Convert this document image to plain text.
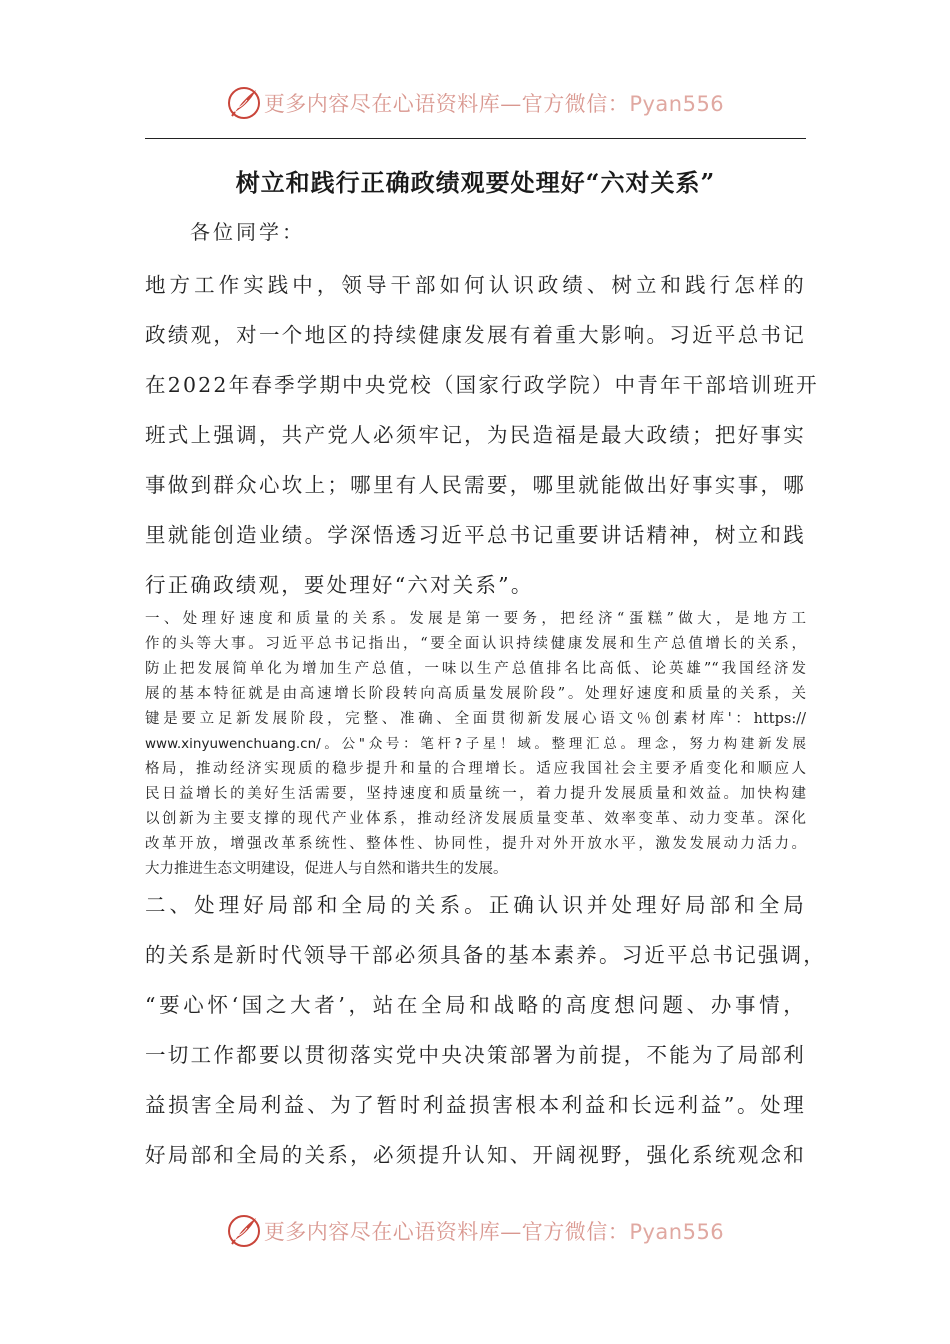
更多内容尽在心语资料库—官方微信：Pyan556
树立和践行正确政绩观要处理好“六对关系”
各位同学：
地方工作实践中，领导干部如何认识政绩、树立和践行怎样的
政绩观，对一个地区的持续健康发展有着重大影响。习近平总书记
在2022年春季学期中央党校（国家行政学院）中青年干部培训班开
班式上强调，共产党人必须牢记，为民造福是最大政绩；把好事实
事做到群众心坎上；哪里有人民需要，哪里就能做出好事实事，哪
里就能创造业绩。学深悟透习近平总书记重要讲话精神，树立和践
行正确政绩观，要处理好“六对关系”。
一、处理好速度和质量的关系。发展是第一要务，把经济“蛋糕”做大，是地方工
作的头等大事。习近平总书记指出，“要全面认识持续健康发展和生产总值增长的关系，
防止把发展简单化为增加生产总值，一味以生产总值排名比高低、论英雄”“我国经济发
展的基本特征就是由高速增长阶段转向高质量发展阶段”。处理好速度和质量的关系，关
键是要立足新发展阶段，完整、准确、全面贯彻新发展心语文％创素材库'：https://
www.xinyuwenchuang.cn/。公"众号：笔杆?子星！域。整理汇总。理念，努力构建新发展
格局，推动经济实现质的稳步提升和量的合理增长。适应我国社会主要矛盾变化和顺应人
民日益增长的美好生活需要，坚持速度和质量统一，着力提升发展质量和效益。加快构建
以创新为主要支撑的现代产业体系，推动经济发展质量变革、效率变革、动力变革。深化
改革开放，增强改革系统性、整体性、协同性，提升对外开放水平，激发发展动力活力。
大力推进生态文明建设，促进人与自然和谐共生的发展。
二、处理好局部和全局的关系。正确认识并处理好局部和全局
的关系是新时代领导干部必须具备的基本素养。习近平总书记强调，
“要心怀‘国之大者’，站在全局和战略的高度想问题、办事情，
一切工作都要以贯彻落实党中央决策部署为前提，不能为了局部利
益损害全局利益、为了暂时利益损害根本利益和长远利益”。处理
好局部和全局的关系，必须提升认知、开阔视野，强化系统观念和
更多内容尽在心语资料库—官方微信：Pyan556
